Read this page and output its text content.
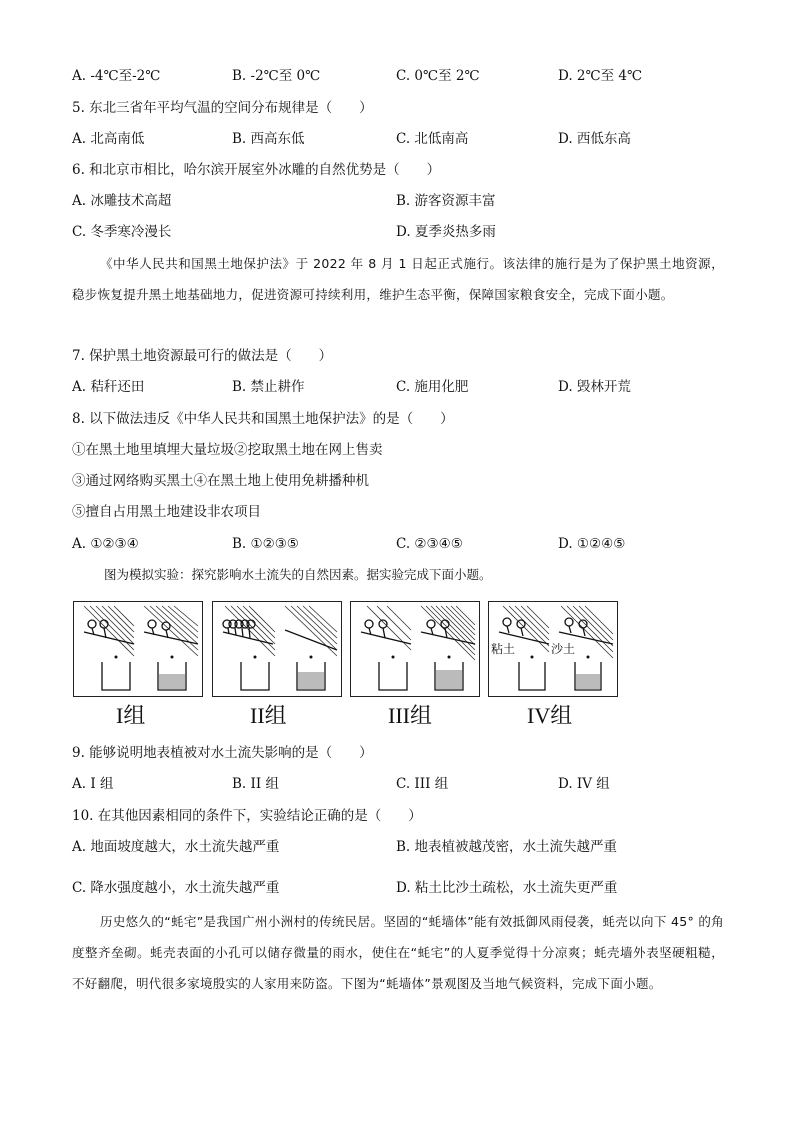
A. -4℃至-2℃	B. -2℃至 0℃	C. 0℃至 2℃	D. 2℃至 4℃
5. 东北三省年平均气温的空间分布规律是（　　）
A. 北高南低	B. 西高东低	C. 北低南高	D. 西低东高
6. 和北京市相比，哈尔滨开展室外冰雕的自然优势是（　　）
A. 冰雕技术高超	B. 游客资源丰富
C. 冬季寒冷漫长	D. 夏季炎热多雨
《中华人民共和国黑土地保护法》于 2022 年 8 月 1 日起正式施行。该法律的施行是为了保护黑土地资源，稳步恢复提升黑土地基础地力，促进资源可持续利用，维护生态平衡，保障国家粮食安全，完成下面小题。
7. 保护黑土地资源最可行的做法是（　　）
A. 秸秆还田	B. 禁止耕作	C. 施用化肥	D. 毁林开荒
8. 以下做法违反《中华人民共和国黑土地保护法》的是（　　）
①在黑土地里填埋大量垃圾②挖取黑土地在网上售卖
③通过网络购买黑土④在黑土地上使用免耕播种机
⑤擅自占用黑土地建设非农项目
A. ①②③④	B. ①②③⑤	C. ②③④⑤	D. ①②④⑤
图为模拟实验：探究影响水土流失的自然因素。据实验完成下面小题。
粘土	沙土
I组	II组	III组	IV组
9. 能够说明地表植被对水土流失影响的是（　　）
A. I 组	B. II 组	C. III 组	D. IV 组
10. 在其他因素相同的条件下，实验结论正确的是（　　）
A. 地面坡度越大，水土流失越严重	B. 地表植被越茂密，水土流失越严重
C. 降水强度越小，水土流失越严重	D. 粘土比沙土疏松，水土流失更严重
历史悠久的“蚝宅”是我国广州小洲村的传统民居。坚固的“蚝墙体”能有效抵御风雨侵袭，蚝壳以向下 45° 的角度整齐垒砌。蚝壳表面的小孔可以储存微量的雨水，使住在“蚝宅”的人夏季觉得十分凉爽；蚝壳墙外表坚硬粗糙，不好翻爬，明代很多家境殷实的人家用来防盗。下图为“蚝墙体”景观图及当地气候资料，完成下面小题。
